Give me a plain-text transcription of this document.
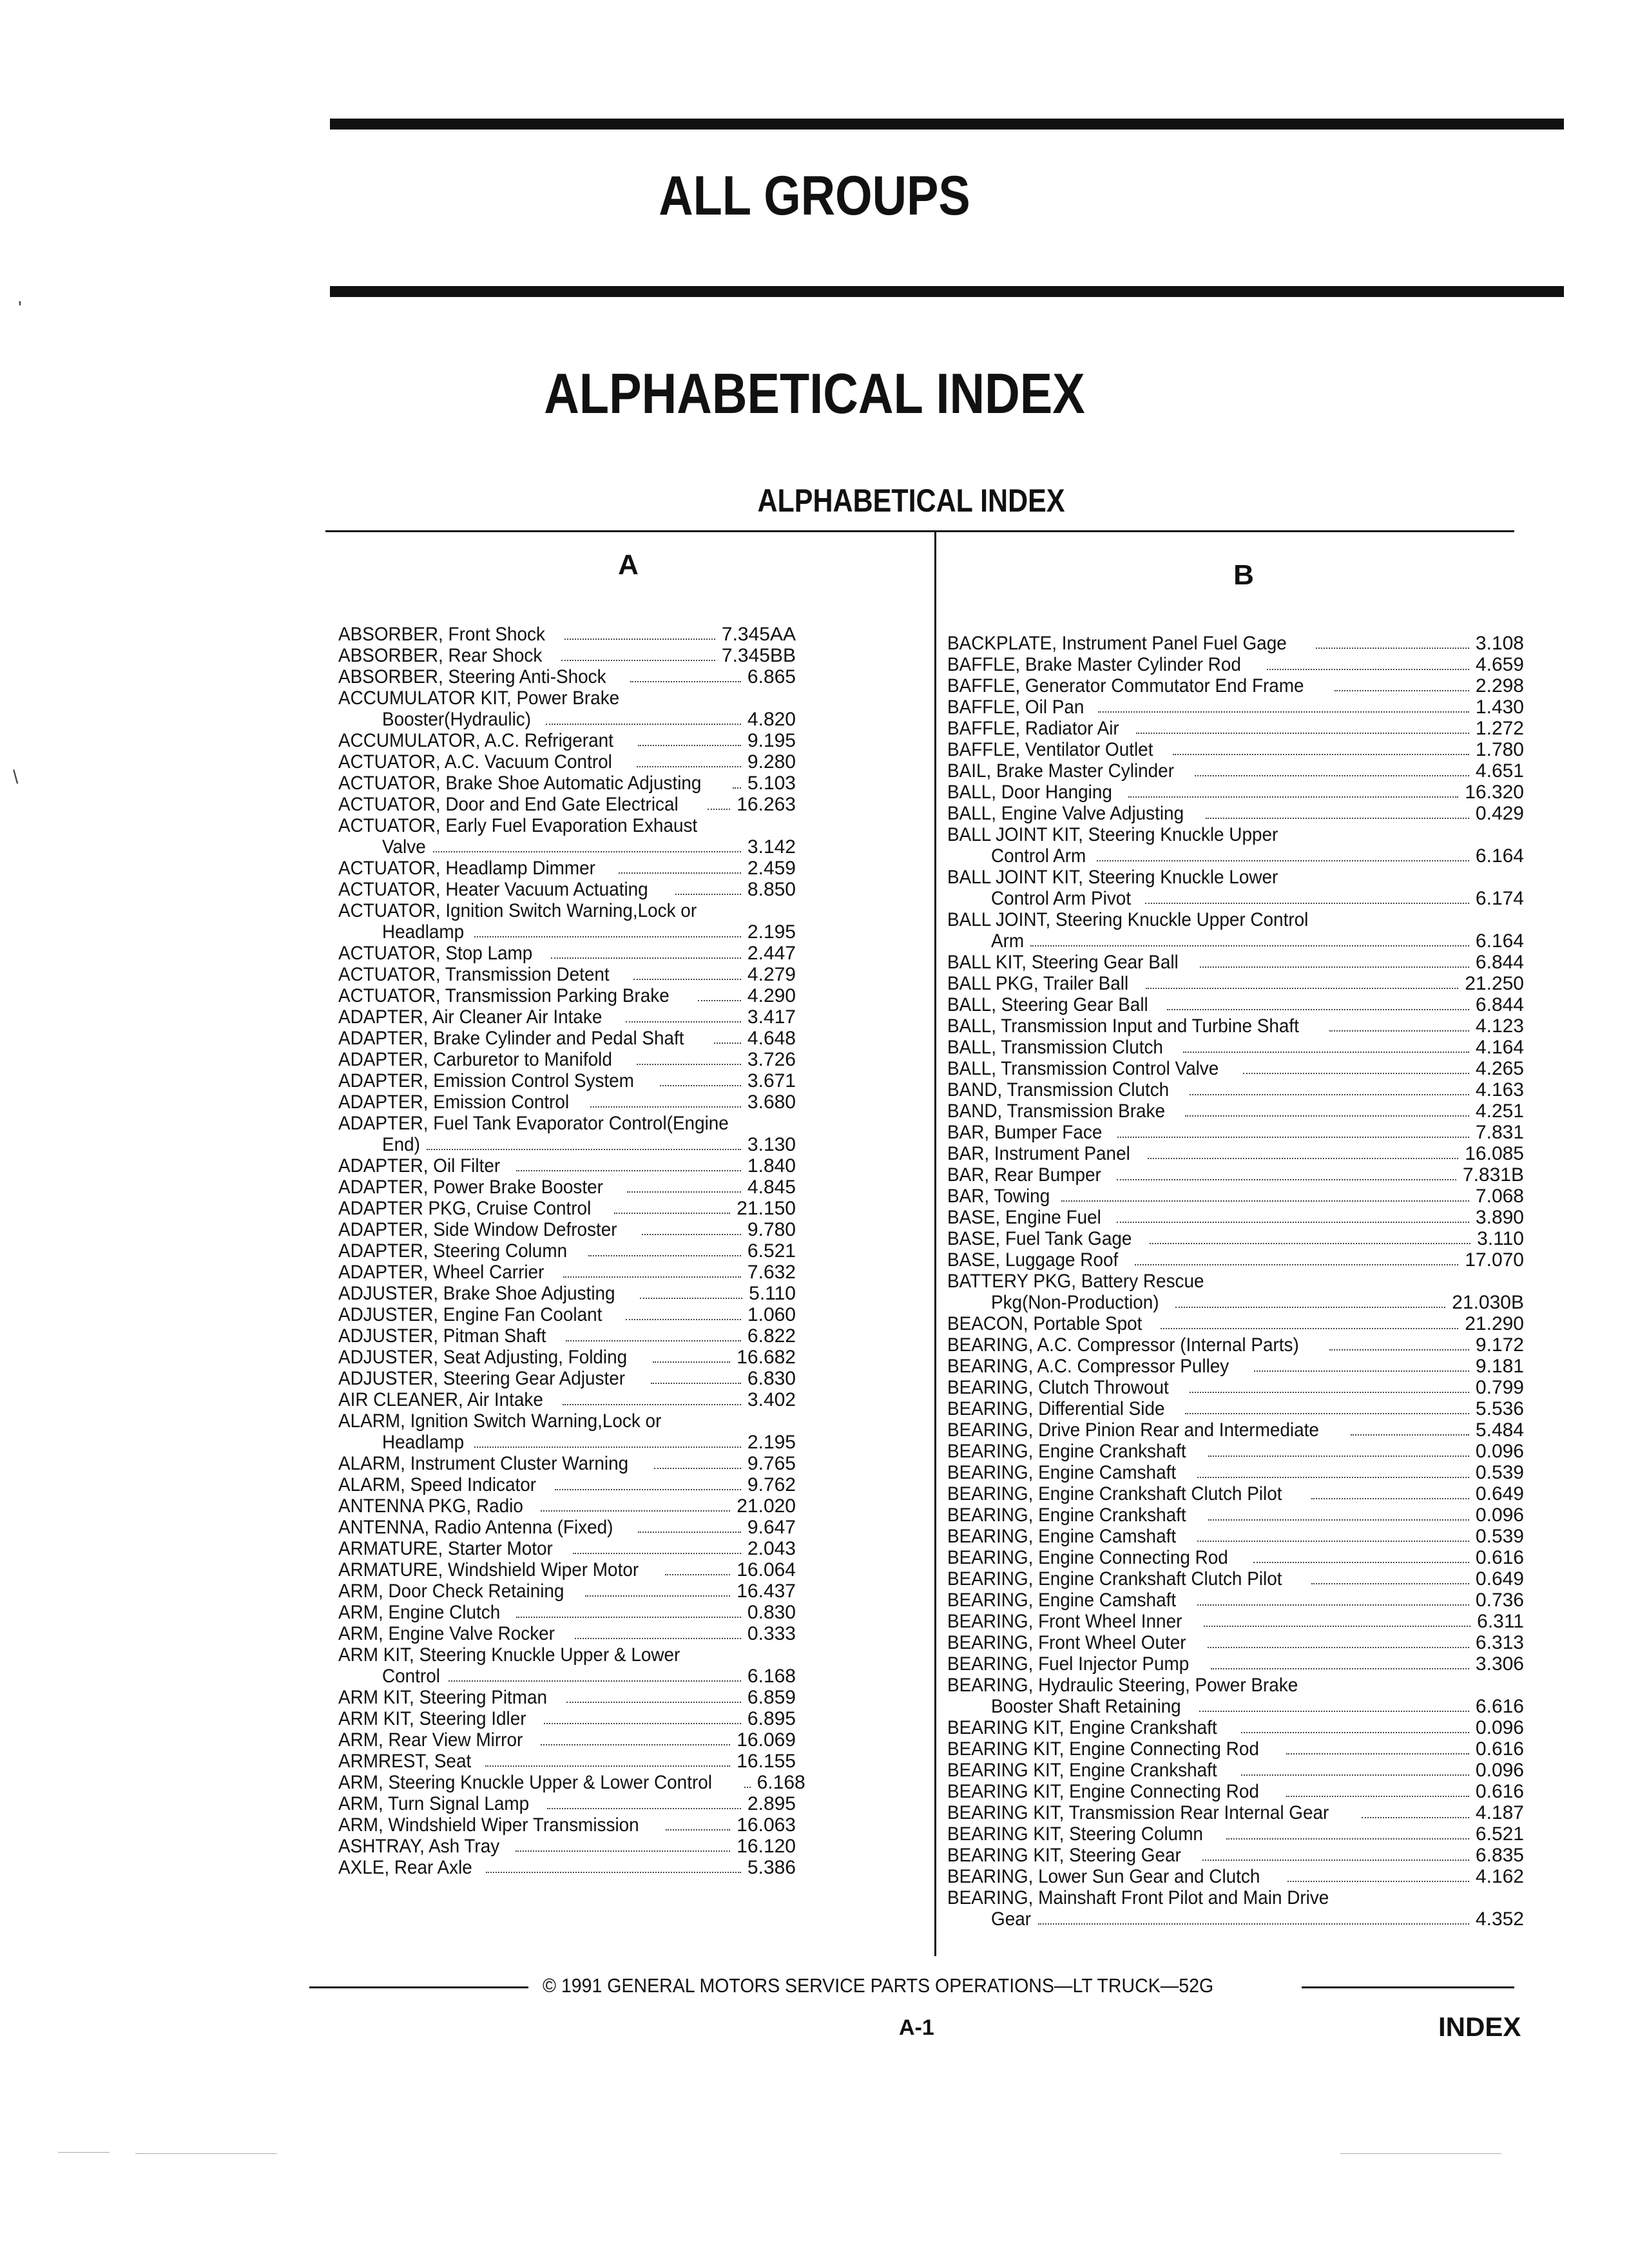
ALL GROUPS
ALPHABETICAL INDEX
ALPHABETICAL INDEX
A	B
ABSORBER, Front Shock	7.345AA
ABSORBER, Rear Shock	7.345BB
ABSORBER, Steering Anti-Shock	6.865
ACCUMULATOR KIT, Power Brake
Booster(Hydraulic)	4.820
ACCUMULATOR, A.C. Refrigerant	9.195
ACTUATOR, A.C. Vacuum Control	9.280
ACTUATOR, Brake Shoe Automatic Adjusting 5.103
ACTUATOR, Door and End Gate Electrical	16.263
ACTUATOR, Early Fuel Evaporation Exhaust
Valve	3.142
ACTUATOR, Headlamp Dimmer	2.459
ACTUATOR, Heater Vacuum Actuating	8.850
ACTUATOR, Ignition Switch Warning,Lock or
Headlamp	2.195
ACTUATOR, Stop Lamp	2.447
ACTUATOR, Transmission Detent	4.279
ACTUATOR, Transmission Parking Brake	4.290
ADAPTER, Air Cleaner Air Intake	3.417
ADAPTER, Brake Cylinder and Pedal Shaft	4.648
ADAPTER, Carburetor to Manifold	3.726
ADAPTER, Emission Control System	3.671
ADAPTER, Emission Control	3.680
ADAPTER, Fuel Tank Evaporator Control(Engine
End)	3.130
ADAPTER, Oil Filter	1.840
ADAPTER, Power Brake Booster	4.845
ADAPTER PKG, Cruise Control	21.150
ADAPTER, Side Window Defroster	9.780
ADAPTER, Steering Column	6.521
ADAPTER, Wheel Carrier	7.632
ADJUSTER, Brake Shoe Adjusting	5.110
ADJUSTER, Engine Fan Coolant	1.060
ADJUSTER, Pitman Shaft	6.822
ADJUSTER, Seat Adjusting, Folding	16.682
ADJUSTER, Steering Gear Adjuster	6.830
AIR CLEANER, Air Intake	3.402
ALARM, Ignition Switch Warning,Lock or
Headlamp	2.195
ALARM, Instrument Cluster Warning	9.765
ALARM, Speed Indicator	9.762
ANTENNA PKG, Radio	21.020
ANTENNA, Radio Antenna (Fixed)	9.647
ARMATURE, Starter Motor	2.043
ARMATURE, Windshield Wiper Motor	16.064
ARM, Door Check Retaining	16.437
ARM, Engine Clutch	0.830
ARM, Engine Valve Rocker	0.333
ARM KIT, Steering Knuckle Upper & Lower
Control	6.168
ARM KIT, Steering Pitman	6.859
ARM KIT, Steering Idler	6.895
ARM, Rear View Mirror	16.069
ARMREST, Seat	16.155
ARM, Steering Knuckle Upper & Lower Control 6.168
ARM, Turn Signal Lamp	2.895
ARM, Windshield Wiper Transmission	16.063
ASHTRAY, Ash Tray	16.120
AXLE, Rear Axle	5.386
BACKPLATE, Instrument Panel Fuel Gage	3.108
BAFFLE, Brake Master Cylinder Rod	4.659
BAFFLE, Generator Commutator End Frame	2.298
BAFFLE, Oil Pan	1.430
BAFFLE, Radiator Air	1.272
BAFFLE, Ventilator Outlet	1.780
BAIL, Brake Master Cylinder	4.651
BALL, Door Hanging	16.320
BALL, Engine Valve Adjusting	0.429
BALL JOINT KIT, Steering Knuckle Upper
Control Arm	6.164
BALL JOINT KIT, Steering Knuckle Lower
Control Arm Pivot	6.174
BALL JOINT, Steering Knuckle Upper Control
Arm	6.164
BALL KIT, Steering Gear Ball	6.844
BALL PKG, Trailer Ball	21.250
BALL, Steering Gear Ball	6.844
BALL, Transmission Input and Turbine Shaft	4.123
BALL, Transmission Clutch	4.164
BALL, Transmission Control Valve	4.265
BAND, Transmission Clutch	4.163
BAND, Transmission Brake	4.251
BAR, Bumper Face	7.831
BAR, Instrument Panel	16.085
BAR, Rear Bumper	7.831B
BAR, Towing	7.068
BASE, Engine Fuel	3.890
BASE, Fuel Tank Gage	3.110
BASE, Luggage Roof	17.070
BATTERY PKG, Battery Rescue
Pkg(Non-Production)	21.030B
BEACON, Portable Spot	21.290
BEARING, A.C. Compressor (Internal Parts)	9.172
BEARING, A.C. Compressor Pulley	9.181
BEARING, Clutch Throwout	0.799
BEARING, Differential Side	5.536
BEARING, Drive Pinion Rear and Intermediate	5.484
BEARING, Engine Crankshaft	0.096
BEARING, Engine Camshaft	0.539
BEARING, Engine Crankshaft Clutch Pilot	0.649
BEARING, Engine Crankshaft	0.096
BEARING, Engine Camshaft	0.539
BEARING, Engine Connecting Rod	0.616
BEARING, Engine Crankshaft Clutch Pilot	0.649
BEARING, Engine Camshaft	0.736
BEARING, Front Wheel Inner	6.311
BEARING, Front Wheel Outer	6.313
BEARING, Fuel Injector Pump	3.306
BEARING, Hydraulic Steering, Power Brake
Booster Shaft Retaining	6.616
BEARING KIT, Engine Crankshaft	0.096
BEARING KIT, Engine Connecting Rod	0.616
BEARING KIT, Engine Crankshaft	0.096
BEARING KIT, Engine Connecting Rod	0.616
BEARING KIT, Transmission Rear Internal Gear	4.187
BEARING KIT, Steering Column	6.521
BEARING KIT, Steering Gear	6.835
BEARING, Lower Sun Gear and Clutch	4.162
BEARING, Mainshaft Front Pilot and Main Drive
Gear	4.352
© 1991 GENERAL MOTORS SERVICE PARTS OPERATIONS—LT TRUCK—52G
A-1	INDEX
'
\
